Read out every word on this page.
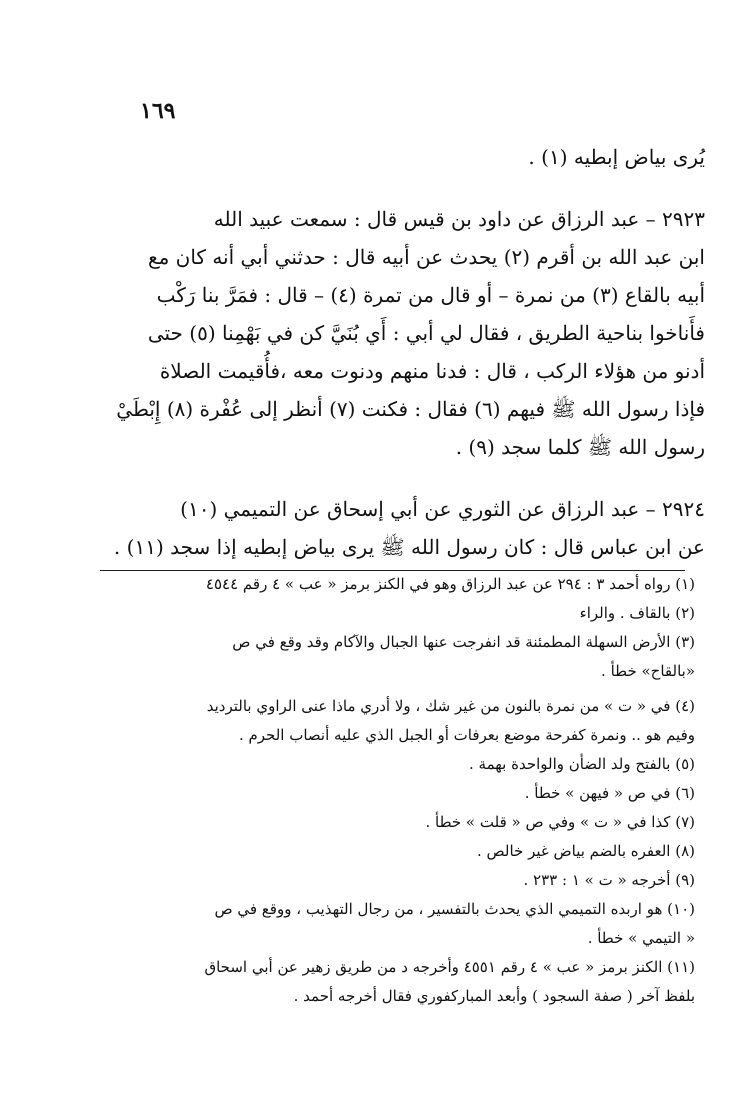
١٦٩
يُرى بياض إبطيه (١) .
٢٩٢٣ – عبد الرزاق عن داود بن قيس قال : سمعت عبيد الله
ابن عبد الله بن أقرم (٢) يحدث عن أبيه قال : حدثني أبي أنه كان مع
أبيه بالقاع (٣) من نمرة – أو قال من تمرة (٤) – قال : فمَرَّ بنا رَكْب
فأَناخوا بناحية الطريق ، فقال لي أبي : أَي بُنَيَّ كن في بَهْمِنا (٥) حتى
أدنو من هؤلاء الركب ، قال : فدنا منهم ودنوت معه ،فأُقيمت الصلاة
فإذا رسول الله ﷺ فيهم (٦) فقال : فكنت (٧) أنظر إلى عُفْرة (٨) إِبْطَيْ
رسول الله ﷺ كلما سجد (٩) .
٢٩٢٤ – عبد الرزاق عن الثوري عن أبي إسحاق عن التميمي (١٠)
عن ابن عباس قال : كان رسول الله ﷺ يرى بياض إبطيه إذا سجد (١١) .
(١) رواه أحمد ٣ : ٢٩٤ عن عبد الرزاق وهو في الكنز برمز « عب » ٤ رقم ٤٥٤٤
(٢) بالقاف . والراء
(٣) الأرض السهلة المطمئنة قد انفرجت عنها الجبال والآكام وقد وقع في ص
«بالقاح» خطأ .
(٤) في « ت » من نمرة بالنون من غير شك ، ولا أدري ماذا عنى الراوي بالترديد
وفيم هو .. ونمرة كفرحة موضع بعرفات أو الجبل الذي عليه أنصاب الحرم .
(٥) بالفتح ولد الضأن والواحدة بهمة .
(٦) في ص « فيهن » خطأ .
(٧) كذا في « ت » وفي ص « قلت » خطأ .
(٨) العفره بالضم بياض غير خالص .
(٩) أخرجه « ت » ١ : ٢٣٣ .
(١٠) هو اربده التميمي الذي يحدث بالتفسير ، من رجال التهذيب ، ووقع في ص
« التيمي » خطأ .
(١١) الكنز برمز « عب » ٤ رقم ٤٥٥١ وأخرجه د من طريق زهير عن أبي اسحاق
بلفظ آخر ( صفة السجود ) وأبعد المباركفوري فقال أخرجه أحمد .
